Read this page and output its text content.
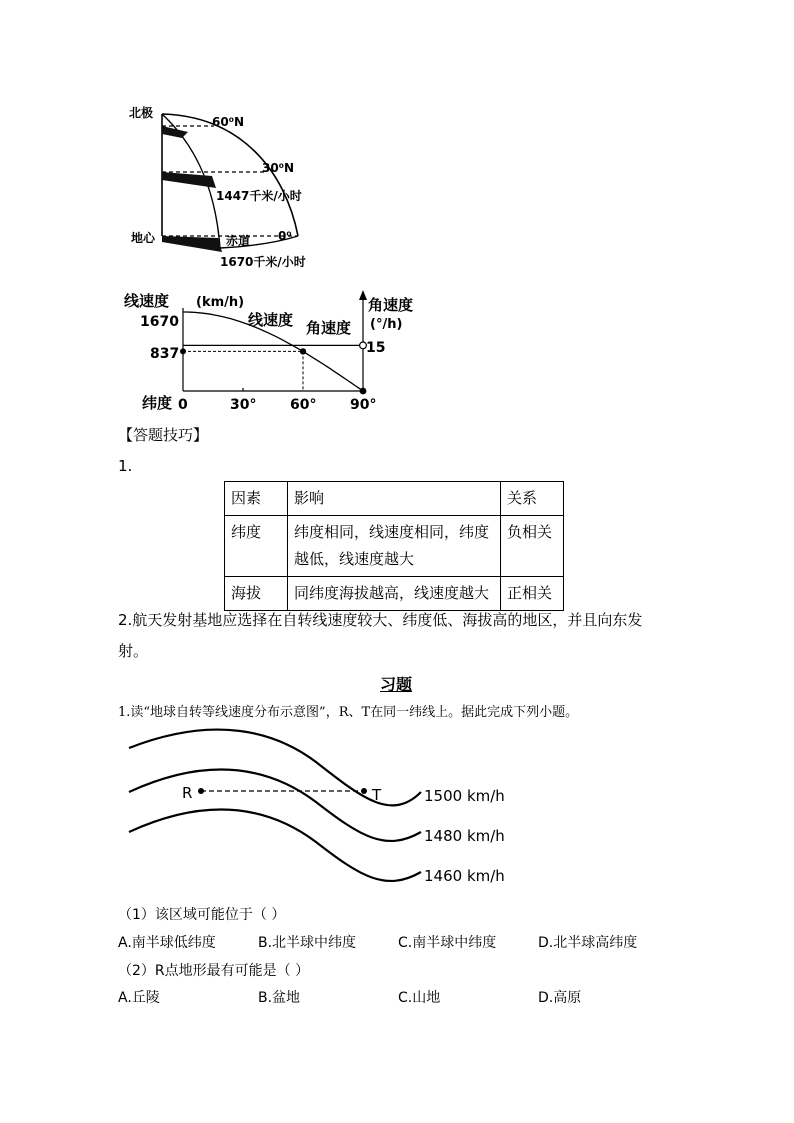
北极
60⁰N
30⁰N
1447千米/小时
地心	赤道 0⁰
1670千米/小时
线速度 (km/h)	角速度
(°/h)
线速度 角速度
1670
837	15
纬度 0	30° 60° 90°
【答题技巧】
1.
因素	影响	关系
纬度	纬度相同，线速度相同，纬度
越低，线速度越大	负相关
海拔	同纬度海拔越高，线速度越大	正相关
2.航天发射基地应选择在自转线速度较大、纬度低、海拔高的地区，并且向东发
射。
习题
1.读“地球自转等线速度分布示意图”，R、T在同一纬线上。据此完成下列小题。
R	T	1500 km/h
1480 km/h
1460 km/h
（1）该区域可能位于（ ）
A.南半球低纬度	B.北半球中纬度	C.南半球中纬度	D.北半球高纬度
（2）R点地形最有可能是（ ）
A.丘陵	B.盆地	C.山地	D.高原
